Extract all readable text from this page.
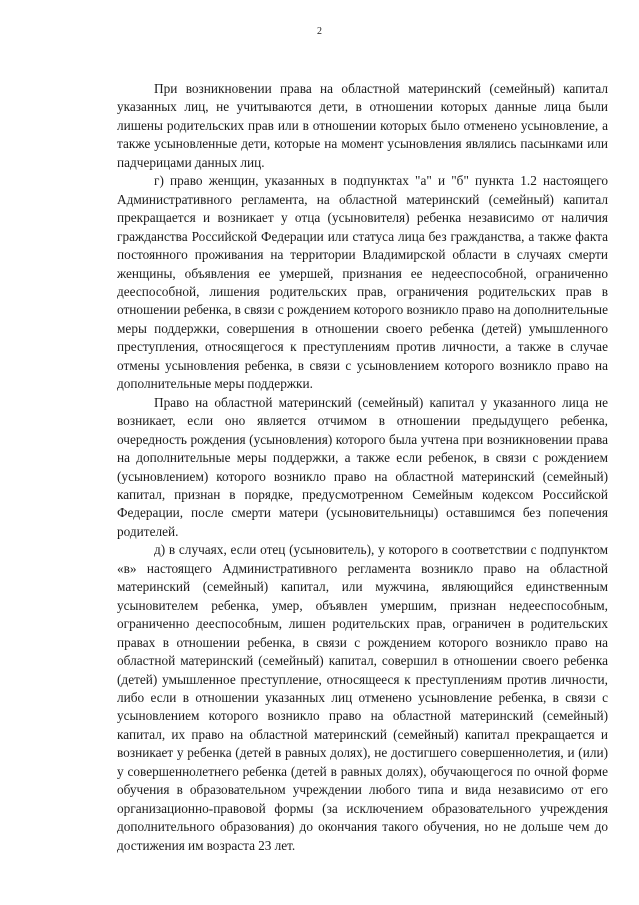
2

При возникновении права на областной материнский (семейный) капитал указанных лиц, не учитываются дети, в отношении которых данные лица были лишены родительских прав или в отношении которых было отменено усыновление, а также усыновленные дети, которые на момент усыновления являлись пасынками или падчерицами данных лиц.

г) право женщин, указанных в подпунктах "а" и "б" пункта 1.2 настоящего Административного регламента, на областной материнский (семейный) капитал прекращается и возникает у отца (усыновителя) ребенка независимо от наличия гражданства Российской Федерации или статуса лица без гражданства, а также факта постоянного проживания на территории Владимирской области в случаях смерти женщины, объявления ее умершей, признания ее недееспособной, ограниченно дееспособной, лишения родительских прав, ограничения родительских прав в отношении ребенка, в связи с рождением которого возникло право на дополнительные меры поддержки, совершения в отношении своего ребенка (детей) умышленного преступления, относящегося к преступлениям против личности, а также в случае отмены усыновления ребенка, в связи с усыновлением которого возникло право на дополнительные меры поддержки.

Право на областной материнский (семейный) капитал у указанного лица не возникает, если оно является отчимом в отношении предыдущего ребенка, очередность рождения (усыновления) которого была учтена при возникновении права на дополнительные меры поддержки, а также если ребенок, в связи с рождением (усыновлением) которого возникло право на областной материнский (семейный) капитал, признан в порядке, предусмотренном Семейным кодексом Российской Федерации, после смерти матери (усыновительницы) оставшимся без попечения родителей.

д) в случаях, если отец (усыновитель), у которого в соответствии с подпунктом «в» настоящего Административного регламента возникло право на областной материнский (семейный) капитал, или мужчина, являющийся единственным усыновителем ребенка, умер, объявлен умершим, признан недееспособным, ограниченно дееспособным, лишен родительских прав, ограничен в родительских правах в отношении ребенка, в связи с рождением которого возникло право на областной материнский (семейный) капитал, совершил в отношении своего ребенка (детей) умышленное преступление, относящееся к преступлениям против личности, либо если в отношении указанных лиц отменено усыновление ребенка, в связи с усыновлением которого возникло право на областной материнский (семейный) капитал, их право на областной материнский (семейный) капитал прекращается и возникает у ребенка (детей в равных долях), не достигшего совершеннолетия, и (или) у совершеннолетнего ребенка (детей в равных долях), обучающегося по очной форме обучения в образовательном учреждении любого типа и вида независимо от его организационно-правовой формы (за исключением образовательного учреждения дополнительного образования) до окончания такого обучения, но не дольше чем до достижения им возраста 23 лет.
